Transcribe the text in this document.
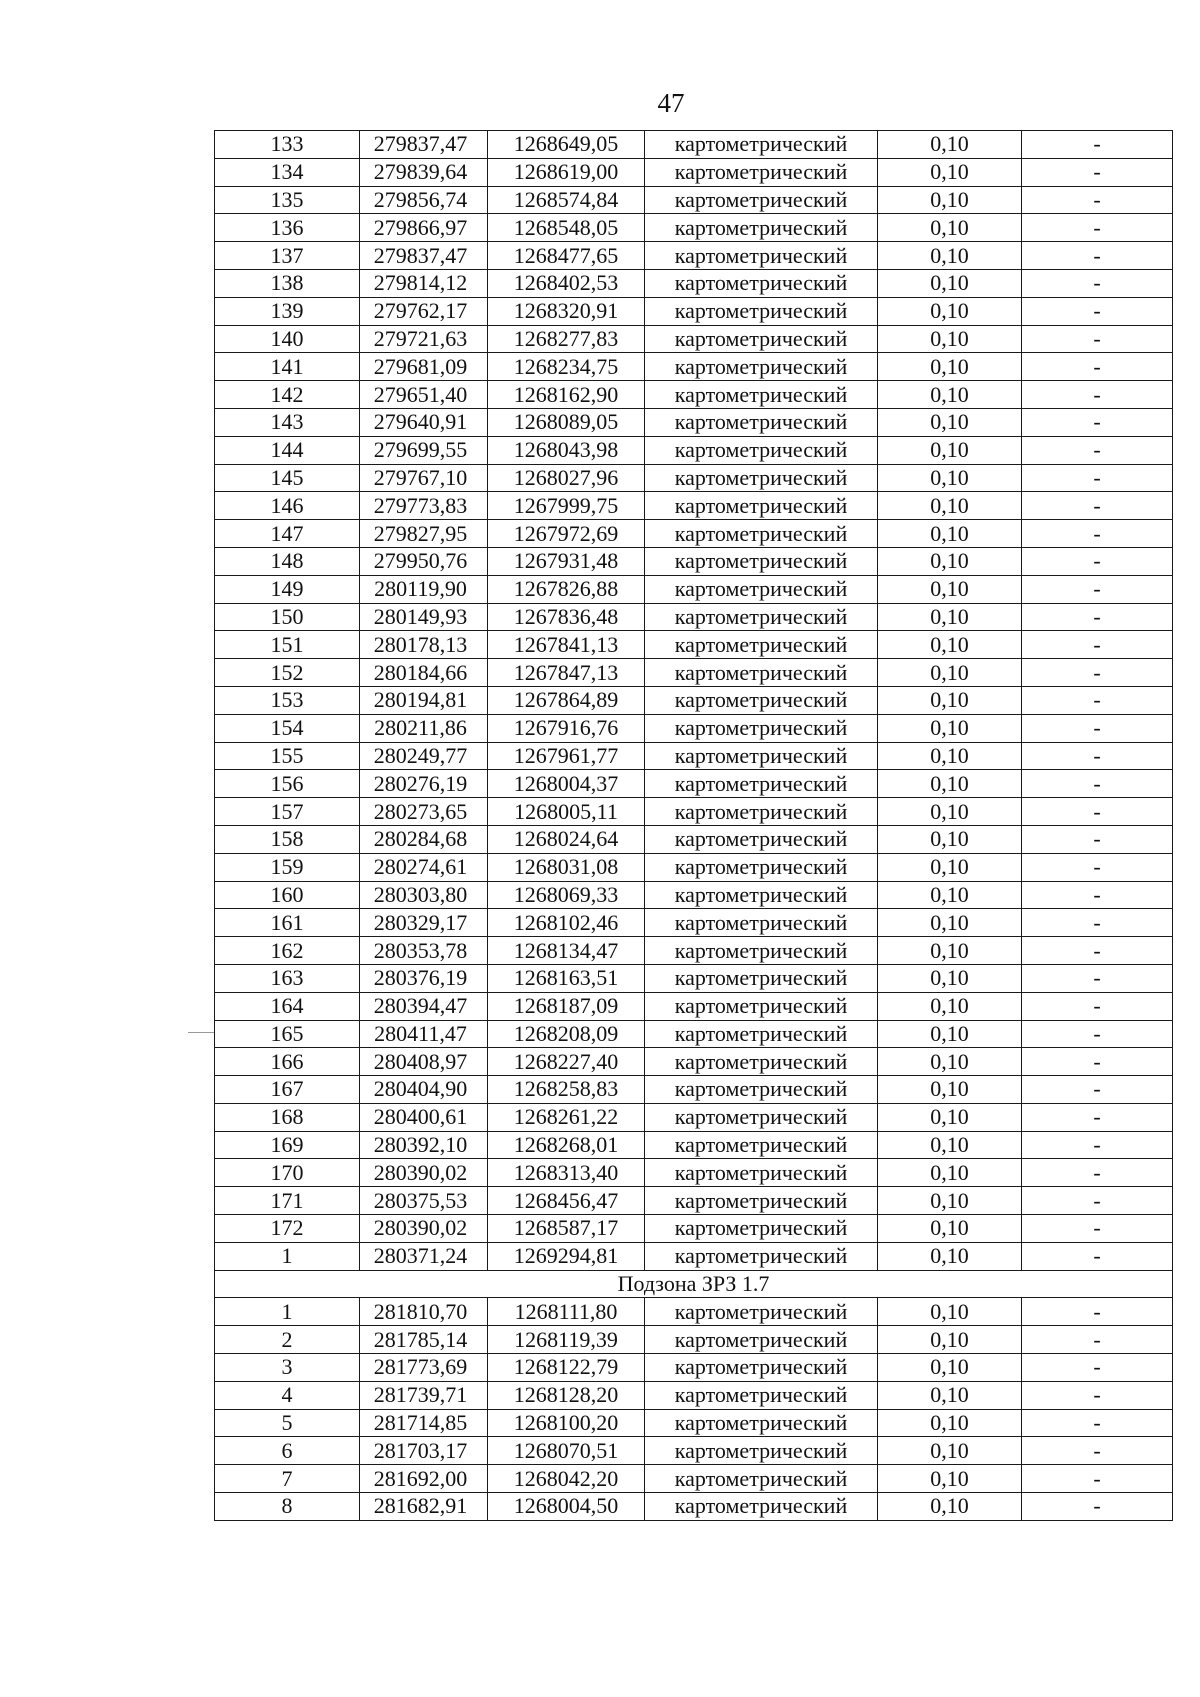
47
133	279837,47	1268649,05	картометрический	0,10	-
134	279839,64	1268619,00	картометрический	0,10	-
135	279856,74	1268574,84	картометрический	0,10	-
136	279866,97	1268548,05	картометрический	0,10	-
137	279837,47	1268477,65	картометрический	0,10	-
138	279814,12	1268402,53	картометрический	0,10	-
139	279762,17	1268320,91	картометрический	0,10	-
140	279721,63	1268277,83	картометрический	0,10	-
141	279681,09	1268234,75	картометрический	0,10	-
142	279651,40	1268162,90	картометрический	0,10	-
143	279640,91	1268089,05	картометрический	0,10	-
144	279699,55	1268043,98	картометрический	0,10	-
145	279767,10	1268027,96	картометрический	0,10	-
146	279773,83	1267999,75	картометрический	0,10	-
147	279827,95	1267972,69	картометрический	0,10	-
148	279950,76	1267931,48	картометрический	0,10	-
149	280119,90	1267826,88	картометрический	0,10	-
150	280149,93	1267836,48	картометрический	0,10	-
151	280178,13	1267841,13	картометрический	0,10	-
152	280184,66	1267847,13	картометрический	0,10	-
153	280194,81	1267864,89	картометрический	0,10	-
154	280211,86	1267916,76	картометрический	0,10	-
155	280249,77	1267961,77	картометрический	0,10	-
156	280276,19	1268004,37	картометрический	0,10	-
157	280273,65	1268005,11	картометрический	0,10	-
158	280284,68	1268024,64	картометрический	0,10	-
159	280274,61	1268031,08	картометрический	0,10	-
160	280303,80	1268069,33	картометрический	0,10	-
161	280329,17	1268102,46	картометрический	0,10	-
162	280353,78	1268134,47	картометрический	0,10	-
163	280376,19	1268163,51	картометрический	0,10	-
164	280394,47	1268187,09	картометрический	0,10	-
165	280411,47	1268208,09	картометрический	0,10	-
166	280408,97	1268227,40	картометрический	0,10	-
167	280404,90	1268258,83	картометрический	0,10	-
168	280400,61	1268261,22	картометрический	0,10	-
169	280392,10	1268268,01	картометрический	0,10	-
170	280390,02	1268313,40	картометрический	0,10	-
171	280375,53	1268456,47	картометрический	0,10	-
172	280390,02	1268587,17	картометрический	0,10	-
1	280371,24	1269294,81	картометрический	0,10	-
Подзона ЗРЗ 1.7					
1	281810,70	1268111,80	картометрический	0,10	-
2	281785,14	1268119,39	картометрический	0,10	-
3	281773,69	1268122,79	картометрический	0,10	-
4	281739,71	1268128,20	картометрический	0,10	-
5	281714,85	1268100,20	картометрический	0,10	-
6	281703,17	1268070,51	картометрический	0,10	-
7	281692,00	1268042,20	картометрический	0,10	-
8	281682,91	1268004,50	картометрический	0,10	-
